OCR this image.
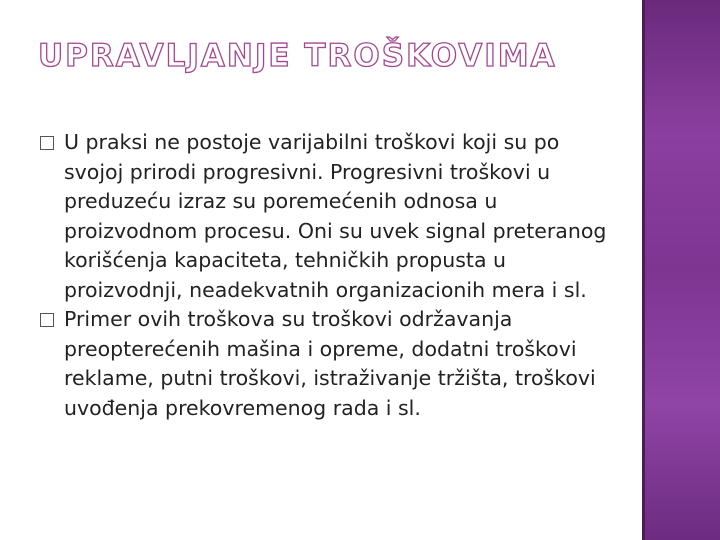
UPRAVLJANJE TROŠKOVIMA

U praksi ne postoje varijabilni troškovi koji su po svojoj prirodi progresivni. Progresivni troškovi u preduzeću izraz su poremećenih odnosa u proizvodnom procesu. Oni su uvek signal preteranog korišćenja kapaciteta, tehničkih propusta u proizvodnji, neadekvatnih organizacionih mera i sl.

Primer ovih troškova su troškovi održavanja preopterećenih mašina i opreme, dodatni troškovi reklame, putni troškovi, istraživanje tržišta, troškovi uvođenja prekovremenog rada i sl.
